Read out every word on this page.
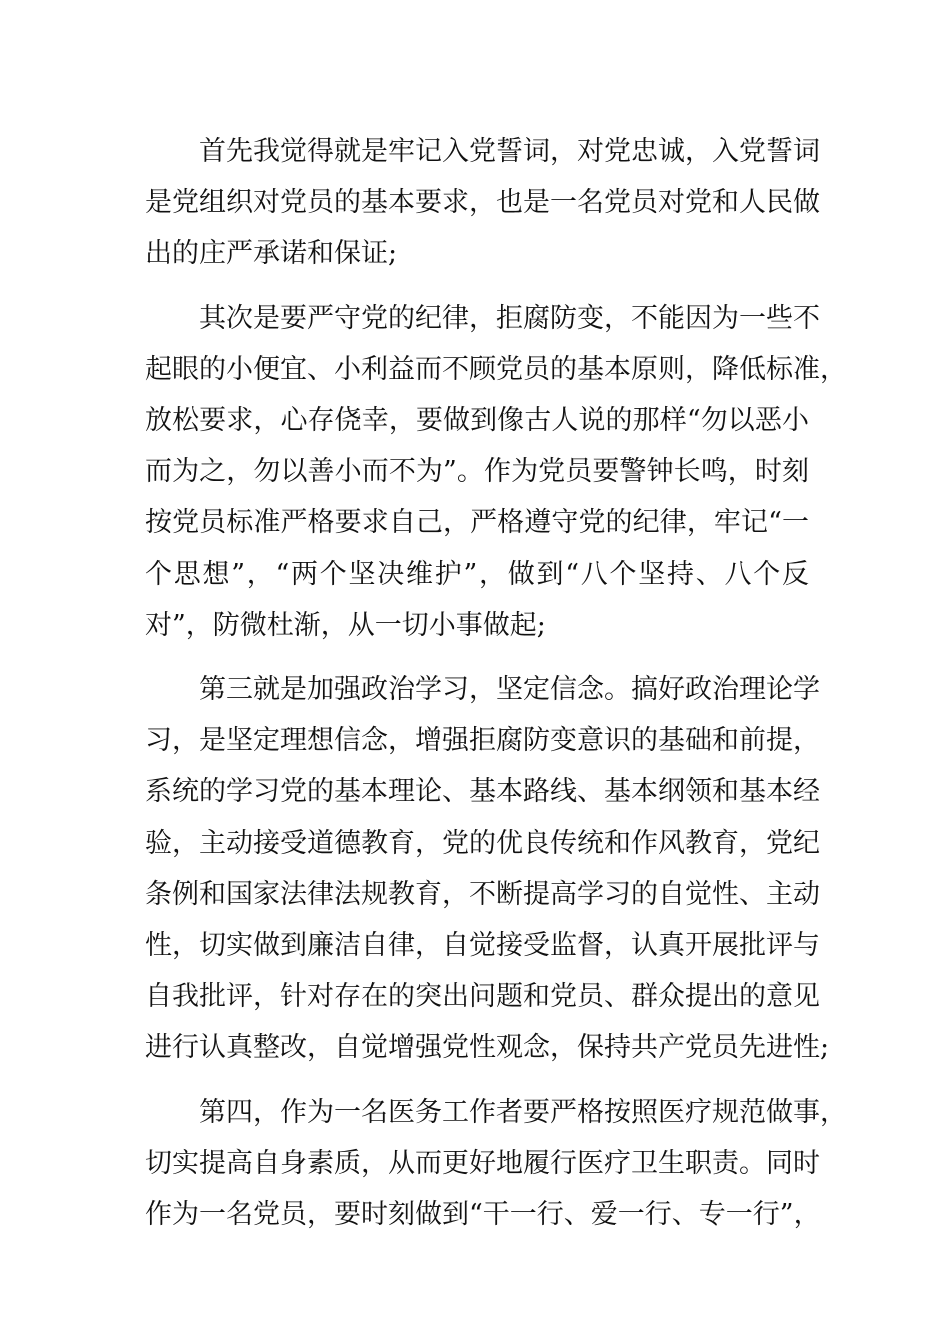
首先我觉得就是牢记入党誓词，对党忠诚，入党誓词
是党组织对党员的基本要求，也是一名党员对党和人民做
出的庄严承诺和保证;

其次是要严守党的纪律，拒腐防变，不能因为一些不
起眼的小便宜、小利益而不顾党员的基本原则，降低标准，
放松要求，心存侥幸，要做到像古人说的那样“勿以恶小
而为之，勿以善小而不为”。作为党员要警钟长鸣，时刻
按党员标准严格要求自己，严格遵守党的纪律，牢记“一
个思想”，“两个坚决维护”，做到“八个坚持、八个反
对”，防微杜渐，从一切小事做起;

第三就是加强政治学习，坚定信念。搞好政治理论学
习，是坚定理想信念，增强拒腐防变意识的基础和前提，
系统的学习党的基本理论、基本路线、基本纲领和基本经
验，主动接受道德教育，党的优良传统和作风教育，党纪
条例和国家法律法规教育，不断提高学习的自觉性、主动
性，切实做到廉洁自律，自觉接受监督，认真开展批评与
自我批评，针对存在的突出问题和党员、群众提出的意见
进行认真整改，自觉增强党性观念，保持共产党员先进性;

第四，作为一名医务工作者要严格按照医疗规范做事，
切实提高自身素质，从而更好地履行医疗卫生职责。同时
作为一名党员，要时刻做到“干一行、爱一行、专一行”，
